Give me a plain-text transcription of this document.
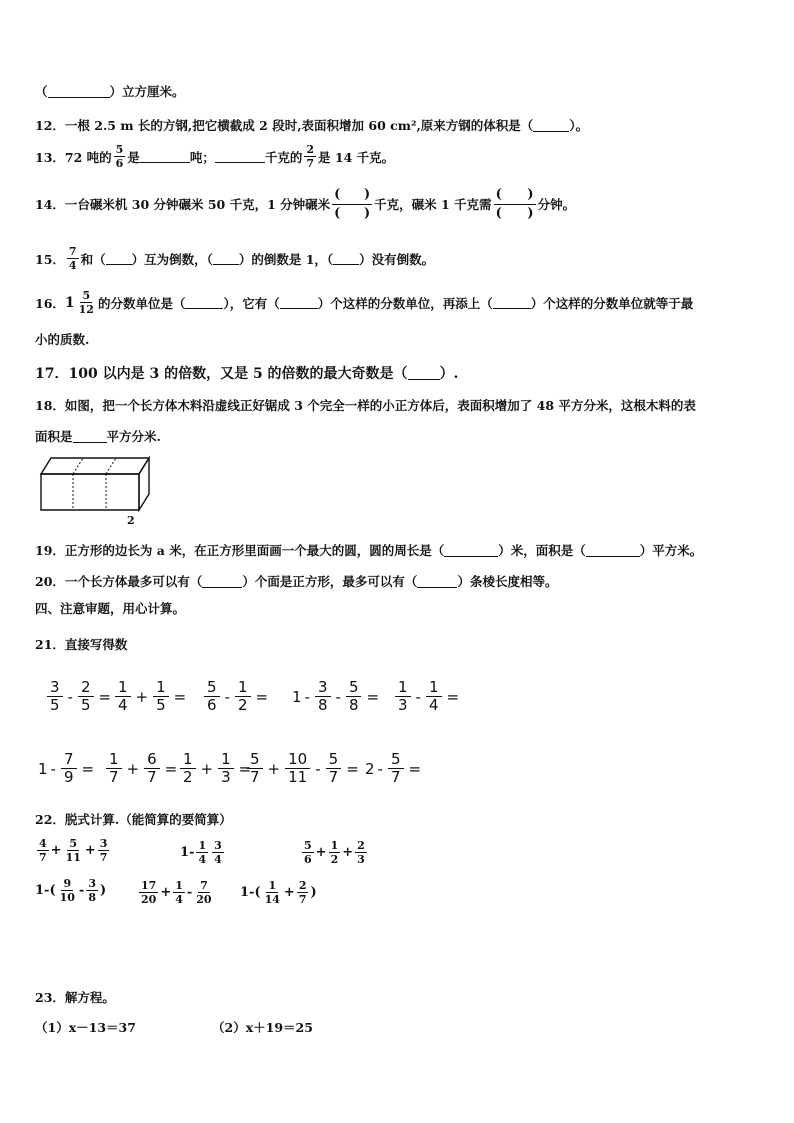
（	）立方厘米。
12． 一根 2.5 m 长的方钢,把它横截成 2 段时,表面积增加 60 cm²,原来方钢的体积是（	）。
13． 72 吨的 $\frac{5}{6}$ 是	吨；	千克的 $\frac{2}{7}$ 是 14 千克。
14． 一台碾米机 30 分钟碾米 50 千克，1 分钟碾米 $\frac{( )}{( )}$ 千克，碾米 1 千克需 $\frac{( )}{( )}$ 分钟。
15． $\frac{7}{4}$ 和（ ）互为倒数，（ ）的倒数是 1，（ ）没有倒数。
16． $1 \frac{5}{12}$ 的分数单位是（	），它有（	）个这样的分数单位，再添上（	）个这样的分数单位就等于最
小的质数.
17． 100 以内是 3 的倍数，又是 5 的倍数的最大奇数是（ ）.
18． 如图，把一个长方体木料沿虚线正好锯成 3 个完全一样的小正方体后，表面积增加了 48 平方分米，这根木料的表
面积是	平方分米.
2
19． 正方形的边长为 a 米，在正方形里面画一个最大的圆，圆的周长是（	）米，面积是（	）平方米。
20． 一个长方体最多可以有（	）个面是正方形，最多可以有（	）条棱长度相等。
四、注意审题，用心计算。
21． 直接写得数
$\frac{3}{5} - \frac{2}{5} = \frac{1}{4} + \frac{1}{5} = \frac{5}{6} - \frac{1}{2} = 1 - \frac{3}{8} - \frac{5}{8} = \frac{1}{3} - \frac{1}{4}$ =
$1 - \frac{7}{9} = \frac{1}{7} + \frac{6}{7} = \frac{1}{2} + \frac{1}{3}$ =
$\frac{5}{7} + \frac{10}{11} - \frac{5}{7} = 2 - \frac{5}{7}$ =
22． 脱式计算.（能简算的要简算）
$\frac{4}{7} + \frac{5}{11} + \frac{3}{7}$	$1 - \frac{1}{4} \frac{3}{4}$	$\frac{5}{6} + \frac{1}{2} + \frac{2}{3}$
1 - ( $\frac{9}{10} - \frac{3}{8}$ )	$\frac{17}{20} + \frac{1}{4} - \frac{7}{20} 1$ - ( $\frac{1}{14} + \frac{2}{7}$ )
23． 解方程。
（1）x－13＝37	（2）x＋19＝25
